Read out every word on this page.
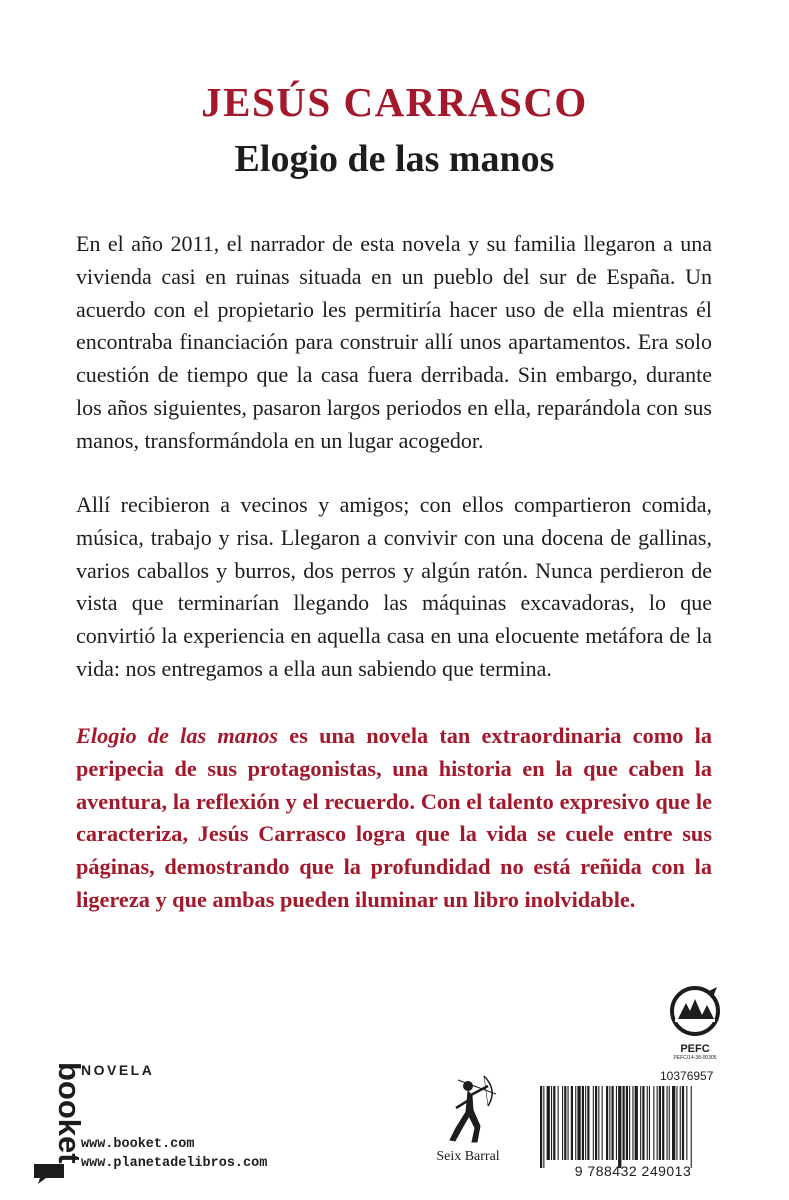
JESÚS CARRASCO
Elogio de las manos

En el año 2011, el narrador de esta novela y su familia llegaron a una vivienda casi en ruinas situada en un pueblo del sur de España. Un acuerdo con el propietario les permitiría hacer uso de ella mientras él encontraba financiación para construir allí unos apartamentos. Era solo cuestión de tiempo que la casa fuera derribada. Sin embargo, durante los años siguientes, pasaron largos periodos en ella, reparándola con sus manos, transformándola en un lugar acogedor.

Allí recibieron a vecinos y amigos; con ellos compartieron comida, música, trabajo y risa. Llegaron a convivir con una docena de gallinas, varios caballos y burros, dos perros y algún ratón. Nunca perdieron de vista que terminarían llegando las máquinas excavadoras, lo que convirtió la experiencia en aquella casa en una elocuente metáfora de la vida: nos entregamos a ella aun sabiendo que termina.

Elogio de las manos es una novela tan extraordinaria como la peripecia de sus protagonistas, una historia en la que caben la aventura, la reflexión y el recuerdo. Con el talento expresivo que le caracteriza, Jesús Carrasco logra que la vida se cuele entre sus páginas, demostrando que la profundidad no está reñida con la ligereza y que ambas pueden iluminar un libro inolvidable.

booket
NOVELA
www.booket.com
www.planetadelibros.com	Seix Barral
PEFC
PEFC/14-38-00305
10376957
9 788432 249013
